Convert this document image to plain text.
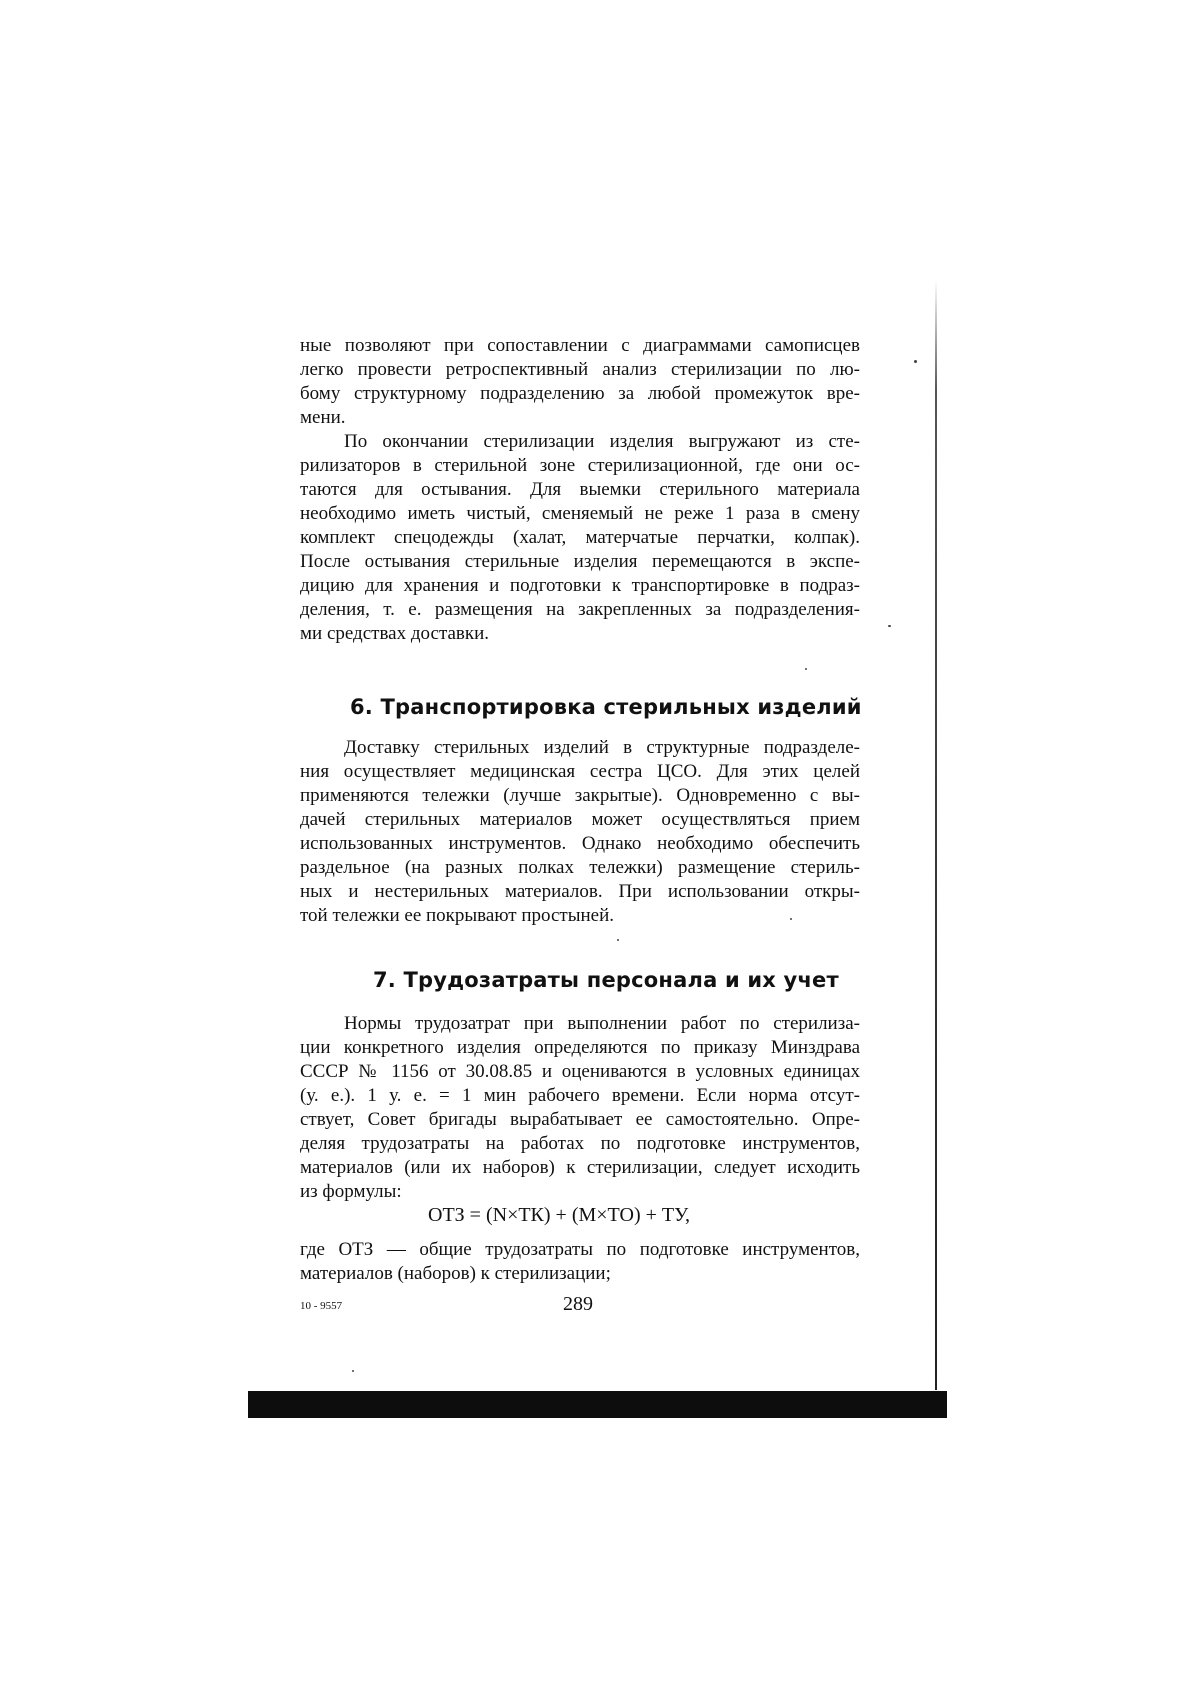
ные позволяют при сопоставлении с диаграммами самописцев
легко провести ретроспективный анализ стерилизации по лю-
бому структурному подразделению за любой промежуток вре-
мени.

По окончании стерилизации изделия выгружают из сте-
рилизаторов в стерильной зоне стерилизационной, где они ос-
таются для остывания. Для выемки стерильного материала
необходимо иметь чистый, сменяемый не реже 1 раза в смену
комплект спецодежды (халат, матерчатые перчатки, колпак).
После остывания стерильные изделия перемещаются в экспе-
дицию для хранения и подготовки к транспортировке в подраз-
деления, т. е. размещения на закрепленных за подразделения-
ми средствах доставки.

6. Транспортировка стерильных изделий

Доставку стерильных изделий в структурные подразделе-
ния осуществляет медицинская сестра ЦСО. Для этих целей
применяются тележки (лучше закрытые). Одновременно с вы-
дачей стерильных материалов может осуществляться прием
использованных инструментов. Однако необходимо обеспечить
раздельное (на разных полках тележки) размещение стериль-
ных и нестерильных материалов. При использовании откры-
той тележки ее покрывают простыней.

7. Трудозатраты персонала и их учет

Нормы трудозатрат при выполнении работ по стерилиза-
ции конкретного изделия определяются по приказу Минздрава
СССР № 1156 от 30.08.85 и оцениваются в условных единицах
(у. е.). 1 у. е. = 1 мин рабочего времени. Если норма отсут-
ствует, Совет бригады вырабатывает ее самостоятельно. Опре-
деляя трудозатраты на работах по подготовке инструментов,
материалов (или их наборов) к стерилизации, следует исходить
из формулы:

ОТЗ = (N×ТК) + (M×ТО) + ТУ,

где ОТЗ — общие трудозатраты по подготовке инструментов,
материалов (наборов) к стерилизации;

10 - 9557	289
